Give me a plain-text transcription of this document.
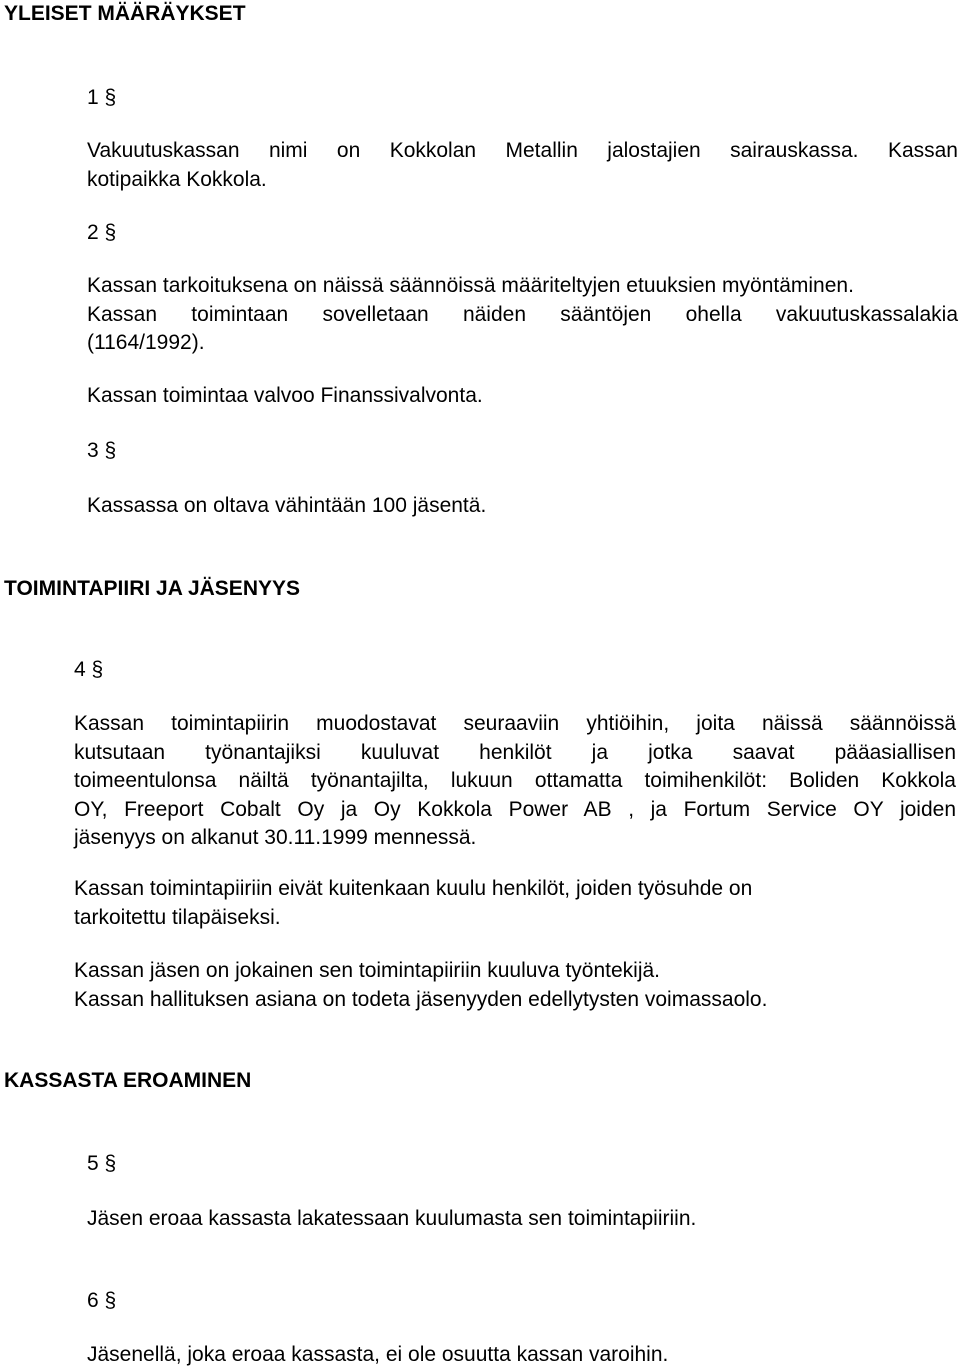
YLEISET MÄÄRÄYKSET
1 §
Vakuutuskassan nimi on Kokkolan Metallin jalostajien sairauskassa. Kassan
kotipaikka Kokkola.
2 §
Kassan tarkoituksena on näissä säännöissä määriteltyjen etuuksien myöntäminen.
Kassan toimintaan sovelletaan näiden sääntöjen ohella vakuutuskassalakia
(1164/1992).
Kassan toimintaa valvoo Finanssivalvonta.
3 §
Kassassa on oltava vähintään 100 jäsentä.
TOIMINTAPIIRI JA JÄSENYYS
4 §
Kassan toimintapiirin muodostavat seuraaviin yhtiöihin, joita näissä säännöissä
kutsutaan työnantajiksi kuuluvat henkilöt ja jotka saavat pääasiallisen
toimeentulonsa näiltä työnantajilta, lukuun ottamatta toimihenkilöt: Boliden Kokkola
OY, Freeport Cobalt Oy ja Oy Kokkola Power AB , ja Fortum Service OY joiden
jäsenyys on alkanut 30.11.1999 mennessä.
Kassan toimintapiiriin eivät kuitenkaan kuulu henkilöt, joiden työsuhde on
tarkoitettu tilapäiseksi.
Kassan jäsen on jokainen sen toimintapiiriin kuuluva työntekijä.
Kassan hallituksen asiana on todeta jäsenyyden edellytysten voimassaolo.
KASSASTA EROAMINEN
5 §
Jäsen eroaa kassasta lakatessaan kuulumasta sen toimintapiiriin.
6 §
Jäsenellä, joka eroaa kassasta, ei ole osuutta kassan varoihin.
